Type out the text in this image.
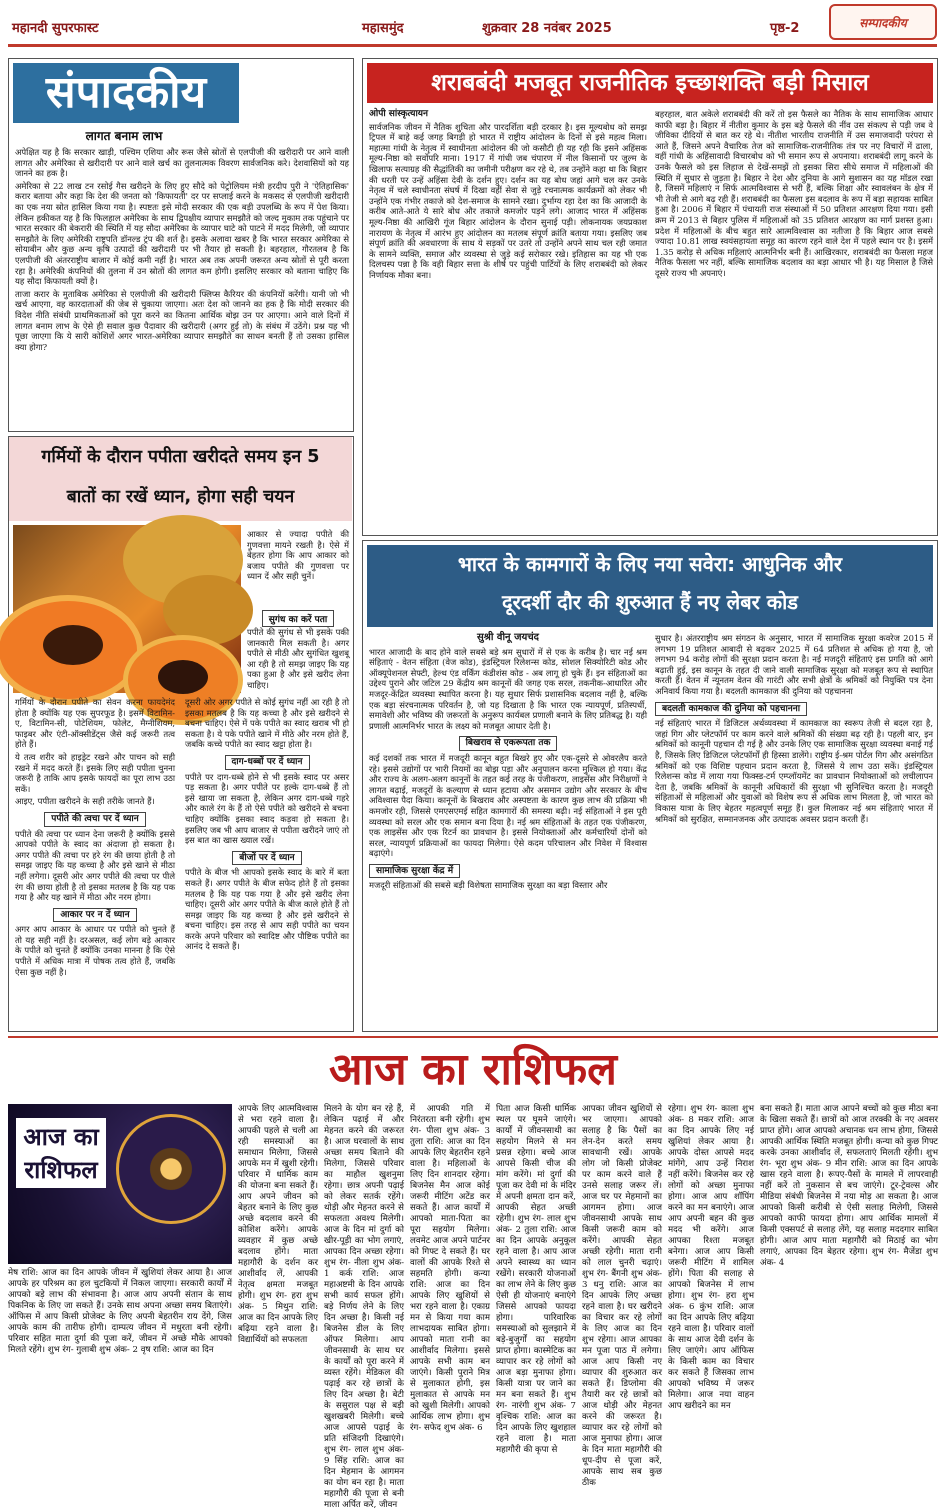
महानदी सुपरफास्ट	महासमुंद	शुक्रवार 28 नवंबर 2025	पृष्ठ-2	सम्पादकीय
संपादकीय
लागत बनाम लाभ

अपेक्षित यह है कि सरकार खाड़ी, पश्चिम एशिया और रूस जैसे स्रोतों से एलपीजी की खरीदारी पर आने वाली लागत और अमेरिका से खरीदारी पर आने वाले खर्च का तुलनात्मक विवरण सार्वजनिक करे। देशवासियों को यह जानने का हक है।

अमेरिका से 22 लाख टन रसोई गैस खरीदने के लिए हुए सौदे को पेट्रोलियम मंत्री हरदीप पुरी ने 'ऐतिहासिक' करार बताया और कहा कि देश की जनता को 'किफायती' दर पर सप्लाई करने के मकसद से एलपीजी खरीदारी का एक नया स्रोत हासिल किया गया है। स्पष्टतः इसे मोदी सरकार की एक बड़ी उपलब्धि के रूप में पेश किया। लेकिन हकीकत यह है कि फिलहाल अमेरिका के साथ द्विपक्षीय व्यापार समझौते को जल्द मुकाम तक पहुंचाने पर भारत सरकार की बेकरारी की स्थिति में यह सौदा अमेरिका के व्यापार घाटे को पाटने में मदद मिलेगी, जो व्यापार समझौते के लिए अमेरिकी राष्ट्रपति डॉनल्ड ट्रंप की शर्त है। इसके अलावा खबर है कि भारत सरकार अमेरिका से सोयाबीन और कुछ अन्य कृषि उत्पादों की खरीदारी पर भी तैयार हो सकती है। बहरहाल, गौरतलब है कि एलपीजी की अंतरराष्ट्रीय बाजार में कोई कमी नहीं है। भारत अब तक अपनी जरूरत अन्य स्रोतों से पूरी करता रहा है। अमेरिकी कंपनियों की तुलना में उन स्रोतों की लागत कम होगी। इसलिए सरकार को बताना चाहिए कि यह सौदा किफायती क्यों है।

ताजा करार के मुताबिक अमेरिका से एलपीजी की खरीदारी फ्लिप्स कैरियर की कंपनियों करेंगी। यानी जो भी खर्च आएगा, वह कारदाताओं की जेब से चुकाया जाएगा। अतः देश को जानने का हक है कि मोदी सरकार की विदेश नीति संबंधी प्राथमिकताओं को पूरा करने का कितना आर्थिक बोझ उन पर आएगा। आने वाले दिनों में लागत बनाम लाभ के ऐसे ही सवाल कुछ पैदावार की खरीदारी (अगर हुई तो) के संबंध में उठेंगे। प्रश्न यह भी पूछा जाएगा कि ये सारी कोशिशें अगर भारत-अमेरिका व्यापार समझौते का साधन बनती हैं तो उसका हासिल क्या होगा?

गर्मियों के दौरान पपीता खरीदते समय इन 5
बातों का रखें ध्यान, होगा सही चयन
आकार से ज्यादा पपीते की गुणवत्ता मायने रखती है। ऐसे में बेहतर होगा कि आप आकार को बजाय पपीते की गुणवत्ता पर ध्यान दें और सही चुनें।
सुगंध का करें पता
पपीते की सुगंध से भी इसके पकी जानकारी मिल सकती है। अगर पपीते से मीठी और सुगंधित खुशबू आ रही है तो समझ जाइए कि यह पका हुआ है और इसे खरीद लेना चाहिए।

गर्मियों के दौरान पपीते का सेवन करना फायदेमंद होता है क्योंकि यह एक सुपरफूड है। इसमें विटामिन-ए, विटामिन-सी, पोटेशियम, फोलेट, मैग्नीशियम, फाइबर और एंटी-ऑक्सीडेंट्स जैसे कई जरूरी तत्व होते हैं।

ये तत्व शरीर को हाइड्रेट रखने और पाचन को सही रखने में मदद करते हैं। इसके लिए सही पपीता चुनना जरूरी है ताकि आप इसके फायदों का पूरा लाभ उठा सकें।

आइए, पपीता खरीदने के सही तरीके जानते हैं।

पपीते की त्वचा पर दें ध्यान

पपीते की त्वचा पर ध्यान देना जरूरी है क्योंकि इससे आपको पपीते के स्वाद का अंदाजा हो सकता है। अगर पपीते की त्वचा पर हरे रंग की छाया होती है तो समझ जाइए कि यह कच्चा है और इसे खाने से मीठा नहीं लगेगा। दूसरी ओर अगर पपीते की त्वचा पर पीले रंग की छाया होती है तो इसका मतलब है कि यह पक गया है और यह खाने में मीठा और नरम होगा।

आकार पर न दें ध्यान

अगर आप आकार के आधार पर पपीते को चुनते हैं तो यह सही नहीं है। दरअसल, कई लोग बड़े आकार के पपीते को चुनते हैं क्योंकि उनका मानना है कि ऐसे पपीते में अधिक मात्रा में पोषक तत्व होते हैं, जबकि ऐसा कुछ नहीं है।

दूसरी ओर अगर पपीते से कोई सुगंध नहीं आ रही है तो इसका मतलब है कि यह कच्चा है और इसे खरीदने से बचना चाहिए। ऐसे में पके पपीते का स्वाद खराब भी हो सकता है। ये पके पपीते खाने में मीठे और नरम होते हैं, जबकि कच्चे पपीते का स्वाद खट्टा होता है।

दाग-धब्बों पर दें ध्यान

पपीते पर दाग-धब्बे होने से भी इसके स्वाद पर असर पड़ सकता है। अगर पपीते पर हल्के दाग-धब्बे हैं तो इसे खाया जा सकता है, लेकिन अगर दाग-धब्बे गहरे और काले रंग के हैं तो ऐसे पपीते को खरीदने से बचना चाहिए क्योंकि इसका स्वाद कड़वा हो सकता है। इसलिए जब भी आप बाजार से पपीता खरीदने जाएं तो इस बात का खास ख्याल रखें।

बीजों पर दें ध्यान

पपीते के बीज भी आपको इसके स्वाद के बारे में बता सकते हैं। अगर पपीते के बीज सफेद होते हैं तो इसका मतलब है कि यह पक गया है और इसे खरीद लेना चाहिए। दूसरी ओर अगर पपीते के बीज काले होते हैं तो समझ जाइए कि यह कच्चा है और इसे खरीदने से बचना चाहिए। इस तरह से आप सही पपीते का चयन करके अपने परिवार को स्वादिष्ट और पौष्टिक पपीते का आनंद दे सकते हैं।

शराबबंदी मजबूत राजनीतिक इच्छाशक्ति बड़ी मिसाल
ओपी सांस्कृत्यायन

सार्वजनिक जीवन में नैतिक शुचिता और पारदर्शिता बड़ी दरकार है। इस मूल्यबोध को समझ ट्रिपल में बाहे कई जगह बिगड़ी हो भारत में राष्ट्रीय आंदोलन के दिनों से इसे महत्व मिला। महात्मा गांधी के नेतृत्व में स्वाधीनता आंदोलन की जो कसौटी ही यह रही कि इसने अहिंसक मूल्य-निष्ठा को सर्वोपरि माना। 1917 में गांधी जब चंपारण में नील किसानों पर जुल्म के खिलाफ सत्याग्रह की सैद्धांतिकी का जमीनी परीक्षण कर रहे थे, तब उन्होंने कहा था कि बिहार की धरती पर उन्हें अहिंसा देवी के दर्शन हुए। दर्शन का यह बोध जहां आगे चल कर उनके नेतृत्व में चले स्वाधीनता संघर्ष में दिखा वहीं सेवा से जुड़े रचनात्मक कार्यक्रमों को लेकर भी उन्होंने एक गंभीर तकाजे को देश-समाज के सामने रखा। दुर्भाग्य रहा देश का कि आजादी के करीब आते-आते ये सारे बोध और तकाजे कमजोर पड़ने लगे। आजाद भारत में अहिंसक मूल्य-निष्ठा की आखिरी गूंज बिहार आंदोलन के दौरान सुनाई पड़ी। लोकनायक जयप्रकाश नारायण के नेतृत्व में आरंभ हुए आंदोलन का मतलब संपूर्ण क्रांति बताया गया। इसलिए जब संपूर्ण क्रांति की अवधारणा के साथ ये सड़कों पर उतरे तो उन्होंने अपने साथ चल रही जमात के सामने व्यक्ति, समाज और व्यवस्था से जुड़े कई सरोकार रखे। इतिहास का यह भी एक दिलचस्प पन्ना है कि वही बिहार सत्ता के शीर्ष पर पहुंची पार्टियों के लिए शराबबंदी को लेकर निर्णायक मौका बना।

बहरहाल, बात अकेले शराबबंदी की करें तो इस फैसले का नैतिक के साथ सामाजिक आधार काफी बड़ा है। बिहार में नीतीश कुमार के इस बड़े फैसले की नींव उस संकल्प से पड़ी जब वे जीविका दीदियों से बात कर रहे थे। नीतीश भारतीय राजनीति में उस समाजवादी परंपरा से आते हैं, जिसने अपने वैचारिक तेज को सामाजिक-राजनीतिक तंत्र पर नए विचारों में ढाला, वहीं गांधी के अहिंसावादी विचारबोध को भी समान रूप से अपनाया। शराबबंदी लागू करने के उनके फैसले को इस लिहाज से देखें-समझें तो इसका सिरा सीधे समाज में महिलाओं की स्थिति में सुधार से जुड़ता है। बिहार ने देश और दुनिया के आगे सुशासन का यह मॉडल रखा है, जिसमें महिलाएं न सिर्फ आत्मविश्वास से भरी हैं, बल्कि शिक्षा और स्वावलंबन के क्षेत्र में भी तेजी से आगे बढ़ रही हैं। शराबबंदी का फैसला इस बदलाव के रूप में बड़ा सहायक साबित हुआ है। 2006 में बिहार में पंचायती राज संस्थाओं में 50 प्रतिशत आरक्षण दिया गया। इसी क्रम में 2013 से बिहार पुलिस में महिलाओं को 35 प्रतिशत आरक्षण का मार्ग प्रशस्त हुआ। प्रदेश में महिलाओं के बीच बहुत सारे आत्मविश्वास का नतीजा है कि बिहार आज सबसे ज्यादा 10.81 लाख स्वयंसहायता समूह का कारण रहने वाले देश में पहले स्थान पर है। इसमें 1.35 करोड़ से अधिक महिलाएं आत्मनिर्भर बनी हैं। आखिरकार, शराबबंदी का फैसला महज नैतिक फैसला भर नहीं, बल्कि सामाजिक बदलाव का बड़ा आधार भी है। यह मिसाल है जिसे दूसरे राज्य भी अपनाएं।

भारत के कामगारों के लिए नया सवेरा: आधुनिक और
दूरदर्शी दौर की शुरुआत हैं नए लेबर कोड
सुश्री वीनू जयचंद

भारत आजादी के बाद होने वाले सबसे बड़े श्रम सुधारों में से एक के करीब है। चार नई श्रम संहिताएं - वेतन संहिता (वेज कोड), इंडस्ट्रियल रिलेशन्स कोड, सोशल सिक्योरिटी कोड और ऑक्यूपेशनल सेफ्टी, हेल्थ एंड वर्किंग कंडीशंस कोड - अब लागू हो चुके हैं। इन संहिताओं का उद्देश्य पुराने और जटिल 29 केंद्रीय श्रम कानूनों की जगह एक सरल, तकनीक-आधारित और मजदूर-केंद्रित व्यवस्था स्थापित करना है। यह सुधार सिर्फ प्रशासनिक बदलाव नहीं है, बल्कि एक बड़ा संरचनात्मक परिवर्तन है, जो यह दिखाता है कि भारत एक न्यायपूर्ण, प्रतिस्पर्धी, समावेशी और भविष्य की जरूरतों के अनुरूप कार्यबल प्रणाली बनाने के लिए प्रतिबद्ध है। यही प्रणाली आत्मनिर्भर भारत के लक्ष्य को मजबूत आधार देती है।

बिखराव से एकरूपता तक

कई दशकों तक भारत में मजदूरी कानून बहुत बिखरे हुए और एक-दूसरे से ओवरलैप करते रहे। इससे उद्योगों पर भारी नियमों का बोझ पड़ा और अनुपालन करना मुश्किल हो गया। केंद्र और राज्य के अलग-अलग कानूनों के तहत कई तरह के पंजीकरण, लाइसेंस और निरीक्षणों ने लागत बढ़ाई, मजदूरों के कल्याण से ध्यान हटाया और असमान उद्योग और सरकार के बीच अविश्वास पैदा किया। कानूनों के बिखराव और अस्पष्टता के कारण कुछ लाभ की प्रक्रिया भी कमजोर रही, जिससे एमएसएमई सहित कामगारों की समस्या बढ़ी। नई संहिताओं ने इस पूरी व्यवस्था को सरल और एक समान बना दिया है। नई श्रम संहिताओं के तहत एक पंजीकरण, एक लाइसेंस और एक रिटर्न का प्रावधान है। इससे नियोक्ताओं और कर्मचारियों दोनों को सरल, न्यायपूर्ण प्रक्रियाओं का फायदा मिलेगा। ऐसे कदम परिचालन और निवेश में विश्वास बढ़ाएंगे।

सामाजिक सुरक्षा केंद्र में

मजदूरी संहिताओं की सबसे बड़ी विशेषता सामाजिक सुरक्षा का बड़ा विस्तार और

सुधार है। अंतरराष्ट्रीय श्रम संगठन के अनुसार, भारत में सामाजिक सुरक्षा कवरेज 2015 में लगभग 19 प्रतिशत आबादी से बढ़कर 2025 में 64 प्रतिशत से अधिक हो गया है, जो लगभग 94 करोड़ लोगों की सुरक्षा प्रदान करता है। नई मजदूरी संहिताएं इस प्रगति को आगे बढ़ाती हुई, इस कानून के तहत दी जाने वाली सामाजिक सुरक्षा को मजबूत रूप से स्थापित करती हैं। वेतन में न्यूनतम वेतन की गारंटी और सभी क्षेत्रों के श्रमिकों को नियुक्ति पत्र देना अनिवार्य किया गया है। बदलती कामकाज की दुनिया को पहचानना

बदलती कामकाज की दुनिया को पहचानना

नई संहिताएं भारत में डिजिटल अर्थव्यवस्था में कामकाज का स्वरूप तेजी से बदल रहा है, जहां गिग और प्लेटफॉर्म पर काम करने वाले श्रमिकों की संख्या बढ़ रही है। पहली बार, इन श्रमिकों को कानूनी पहचान दी गई है और उनके लिए एक सामाजिक सुरक्षा व्यवस्था बनाई गई है, जिसके लिए डिजिटल प्लेटफॉर्मों ही हिस्सा डालेंगे। राष्ट्रीय ई-श्रम पोर्टल गिग और असंगठित श्रमिकों को एक विशिष्ट पहचान प्रदान करता है, जिससे ये लाभ उठा सकें। इंडस्ट्रियल रिलेशन्स कोड में लाया गया फिक्स्ड-टर्म एम्प्लॉयमेंट का प्रावधान नियोक्ताओं को लचीलापन देता है, जबकि श्रमिकों के कानूनी अधिकारों की सुरक्षा भी सुनिश्चित करता है। मजदूरी संहिताओं से महिलाओं और युवाओं को विशेष रूप से अधिक लाभ मिलता है, जो भारत को विकास यात्रा के लिए बेहतर महत्वपूर्ण समूह हैं। कुल मिलाकर नई श्रम संहिताएं भारत में श्रमिकों को सुरक्षित, सम्मानजनक और उत्पादक अवसर प्रदान करती हैं।

आज का राशिफल
आज का राशिफल
मेष राशि: आज का दिन आपके जीवन में खुशियां लेकर आया है। आज आपके हर परिश्रम का हल चुटकियों में निकल जाएगा। सरकारी कार्यों में आपको बड़े लाभ की संभावना है। आज आप अपनी संतान के साथ पिकनिक के लिए जा सकते हैं। उनके साथ अपना अच्छा समय बिताएंगे। ऑफिस में आप किसी प्रोजेक्ट के लिए अपनी बेहतरीन राय देंगे, जिस आपके काम की तारीफ होगी। दाम्पत्य जीवन में मधुरता बनी रहेगी। परिवार सहित माता दुर्गा की पूजा करें, जीवन में अच्छे मौके आपको मिलते रहेंगे। शुभ रंग- गुलाबी शुभ अंक- 2 वृष राशि: आज का दिन
आपके लिए आत्मविश्वास से भरा रहने वाला है। आपकी पहले से चली आ रही समस्याओं का समाधान मिलेगा, जिससे आपके मन में खुशी रहेगी। परिवार में धार्मिक काम की योजना बना सकते हैं। आप अपने जीवन को बेहतर बनाने के लिए कुछ अच्छे बदलाव करने की कोशिश करेंगे। आपके व्यवहार में कुछ अच्छे बदलाव होंगे। माता महागौरी के दर्शन कर आशीर्वाद लें, आपकी नेतृत्व क्षमता मजबूत होगी। शुभ रंग- हरा शुभ अंक- 5 मिथुन राशि: आज का दिन आपके लिए बढ़िया रहने वाला है। विद्यार्थियों को सफलता
मिलने के योग बन रहे हैं, लेकिन पढ़ाई में और मेहनत करने की जरूरत है। आज घरवालों के साथ अच्छा समय बिताने की मिलेगा, जिससे परिवार का माहौल खुशनुमा रहेगा। छात्र अपनी पढ़ाई को लेकर सतर्क रहेंगे। थोड़ी और मेहनत करने से सफलता अवश्य मिलेगी। आज के दिन मां दुर्गा को खीर-पूड़ी का भोग लगाएं, आपका दिन अच्छा रहेगा। शुभ रंग- नीला शुभ अंक- 1 कर्क राशि: आज महाअष्टमी के दिन आपके सभी कार्य सफल होंगे। बड़े निर्णय लेने के लिए दिन अच्छा है। किसी नई बिजनेस डील के लिए ऑफर मिलेगा। आप जीवनसाथी के साथ घर के कार्यों को पूरा करने में व्यस्त रहेंगे। मेडिकल की पढ़ाई कर रहे छात्रों के लिए दिन अच्छा है। बेटी के ससुराल पक्ष से बड़ी खुशखबरी मिलेगी। बच्चे आज आपसे पढ़ाई के प्रति संजिदगी दिखाएंगे। शुभ रंग- लाल शुभ अंक- 9 सिंह राशि: आज का दिन मेहमान के आगमन का योग बन रहा है। माता महागौरी की पूजा से बनी माला अर्पित करें, जीवन
में आपकी गति में निरंतरता बनी रहेगी। शुभ रंग- पीला शुभ अंक- 3 तुला राशि: आज का दिन आपके लिए बेहतरीन रहने वाला है। महिलाओं के लिए दिन शानदार रहेगा। बिजनेस मैन आज कोई जरूरी मीटिंग अटेंड कर सकते हैं। आज कार्यों में आपको माता-पिता का पूरा सहयोग मिलेगा। लवमेट आज अपने पार्टनर को गिफ्ट दे सकते हैं। घर वालों की आपके रिश्ते से सहमति होगी। कन्या राशि: आज का दिन आपके लिए खुशियों से भरा रहने वाला है। एकाग्र मन से किया गया काम लाभदायक साबित होगा। आपको माता रानी का आशीर्वाद मिलेगा। इससे आपके सभी काम बन जाएंगे। किसी पुराने मित्र से मुलाकात होगी, इस मुलाकात से आपके मन को खुशी मिलेगी। आपको आर्थिक लाभ होगा। शुभ रंग- सफेद शुभ अंक- 6
पिता आज किसी धार्मिक स्थल पर घूमने जाएंगे। कार्यों में जीवनसाथी का सहयोग मिलने से मन प्रसन्न रहेगा। बच्चे आज आपसे किसी चीज की मांग करेंगे। मां दुर्गा की पूजा कर देवी मां के मंदिर में अपनी क्षमता दान करें, आपकी सेहत अच्छी रहेगी। शुभ रंग- लाल शुभ अंक- 2 तुला राशि: आज का दिन आपके अनुकूल रहने वाला है। आप आज अपने स्वास्थ्य का ध्यान रखेंगे। सरकारी योजनाओं का लाभ लेने के लिए कुछ ऐसी ही योजनाएं बनाएंगे जिससे आपको फायदा होगा। पारिवारिक समस्याओं को सुलझाने में बड़े-बुजुर्गों का सहयोग प्राप्त होगा। कास्मेटिक का व्यापार कर रहे लोगों को आज बड़ा मुनाफा होगा। किसी यात्रा पर जाने का मन बना सकते हैं। शुभ रंग- नारंगी शुभ अंक- 7 वृश्चिक राशि: आज का दिन आपके लिए खुशहाल रहने वाला है। माता महागौरी की कृपा से
आपका जीवन खुशियों से भर जाएगा। आपको सलाह है कि पैसों का लेन-देन करते समय सावधानी रखें। आपके लोग जो किसी प्रोजेक्ट पर काम करने वाले हैं उनसे सलाह जरूर लें। आज घर पर मेहमानों का आगमन होगा। आज जीवनसाथी आपके साथ किसी जरूरी काम को करेंगे। आपकी सेहत अच्छी रहेगी। माता रानी को लाल चुनरी चढ़ाएं। शुभ रंग- बैंगनी शुभ अंक- 3 धनु राशि: आज का दिन आपके लिए अच्छा रहने वाला है। घर खरीदने का विचार कर रहे लोगों के लिए आज का दिन शुभ रहेगा। आज आपका मन पूजा पाठ में लगेगा। आज आप किसी नए व्यापार की शुरुआत कर सकते हैं। डिप्लोमा की तैयारी कर रहे छात्रों को आज थोड़ी और मेहनत करने की जरूरत है। व्यापार कर रहे लोगों को आज मुनाफा होगा। आज के दिन माता महागौरी की धूप-दीप से पूजा करें, आपके साथ सब कुछ ठीक
रहेगा। शुभ रंग- काला शुभ अंक- 8 मकर राशि: आज का दिन आपके लिए नई खुशियां लेकर आया है। आपके दोस्त आपसे मदद मांगेंगे, आप उन्हें निराश नहीं करेंगे। बिजनेस कर रहे लोगों को अच्छा मुनाफा होगा। आज आप शॉपिंग करने का मन बनाएंगे। आज आप अपनी बहन की कुछ मदद भी करेंगे। आज आपका रिश्ता मजबूत बनेगा। आज आप किसी जरूरी मीटिंग में शामिल होंगे। पिता की सलाह से आपको बिजनेस में लाभ होगा। शुभ रंग- हरा शुभ अंक- 6 कुंभ राशि: आज का दिन आपके लिए बढ़िया रहने वाला है। परिवार वालों के साथ आज देवी दर्शन के लिए जाएंगे। आप ऑफिस के किसी काम का विचार कर सकते हैं जिसका लाभ आपको भविष्य में जरूर मिलेगा। आज नया वाहन आप खरीदने का मन
बना सकते हैं। माता आज आपने बच्चों को कुछ मीठा बना के खिला सकते हैं। छात्रों को आज तरक्की के नए अवसर प्राप्त होंगे। आज आपको अचानक धन लाभ होगा, जिससे आपकी आर्थिक स्थिति मजबूत होगी। कन्या को कुछ गिफ्ट करके उनका आशीर्वाद लें, सफलताएं मिलती रहेंगी। शुभ रंग- भूरा शुभ अंक- 9 मीन राशि: आज का दिन आपके खास रहने वाला है। रूपए-पैसों के मामले में लापरवाही नहीं करें तो नुकसान से बच जाएंगे। टूर-ट्रेवल्स और मीडिया संबंधी बिजनेस में नया मोड़ आ सकता है। आज आपको किसी करीबी से ऐसी सलाह मिलेगी, जिससे आपको काफी फायदा होगा। आप आर्थिक मामलों में किसी एक्सपर्ट से सलाह लेंगे, यह सलाह मददगार साबित होगी। आज आप माता महागौरी को मिठाई का भोग लगाएं, आपका दिन बेहतर रहेगा। शुभ रंग- मैजेंडा शुभ अंक- 4
